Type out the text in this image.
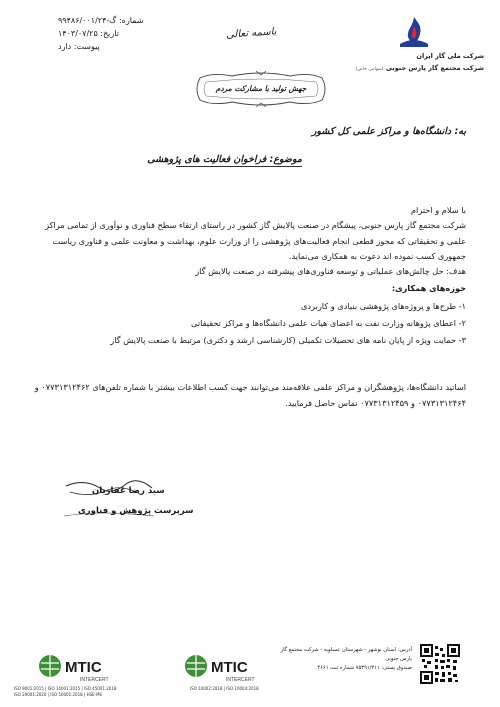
شرکت ملی گاز ایران
شرکت مجتمع گاز پارس جنوبی (سهامی خاص)
شماره: گ-۹۹۴۸۶/۰۰۱/۲۴
تاریخ: ۱۴۰۳/۰۷/۲۵
پیوست: دارد
باسمه تعالی
جهش تولید با مشارکت مردم
به: دانشگاه‌ها و مراکز علمی کل کشور
موضوع: فراخوان فعالیت های پژوهشی
با سلام و احترام
شرکت مجتمع گاز پارس جنوبی، پیشگام در صنعت پالایش گاز کشور در راستای ارتقاء سطح فناوری و نوآوری از تمامی مراکز علمی و تحقیقاتی که مجوز قطعی انجام فعالیت‌های پژوهشی را از وزارت علوم، بهداشت و معاونت علمی و فناوری ریاست جمهوری کسب نموده اند دعوت به همکاری می‌نماید.
هدف: حل چالش‌های عملیاتی و توسعه فناوری‌های پیشرفته در صنعت پالایش گاز
حوزه‌های همکاری:
۱- طرح‌ها و پروژه‌های پژوهشی بنیادی و کاربردی
۲- اعطای پژوهانه وزارت نفت به اعضای هیات علمی دانشگاه‌ها و مراکز تحقیقاتی
۳- حمایت ویژه از پایان نامه های تحصیلات تکمیلی (کارشناسی ارشد و دکتری) مرتبط با صنعت پالایش گاز
اساتید دانشگاه‌ها، پژوهشگران و مراکز علمی علاقه‌مند می‌توانند جهت کسب اطلاعات بیشتر با شماره تلفن‌های ۰۷۷۳۱۳۱۲۴۶۲ و ۰۷۷۳۱۳۱۲۴۶۴ و ۰۷۷۳۱۳۱۲۴۵۹ تماس حاصل فرمایید.
سید رضا غفاریان
سرپرست پژوهش و فناوری
MTIC
INTERCERT
MTIC
INTERCERT
ISO 9001:2015 | ISO 14001:2015 | ISO 45001:2018
ISO 29001:2020 | ISO 50001:2018 | HSE-MS
ISO 10002:2018 | ISO 10004:2018
آدرس: استان بوشهر - شهرستان عسلویه - شرکت مجتمع گاز پارس جنوبی
صندوق پستی: ۷۵۳۹۱/۳۱۱ شماره ثبت ۴۶۶۱
